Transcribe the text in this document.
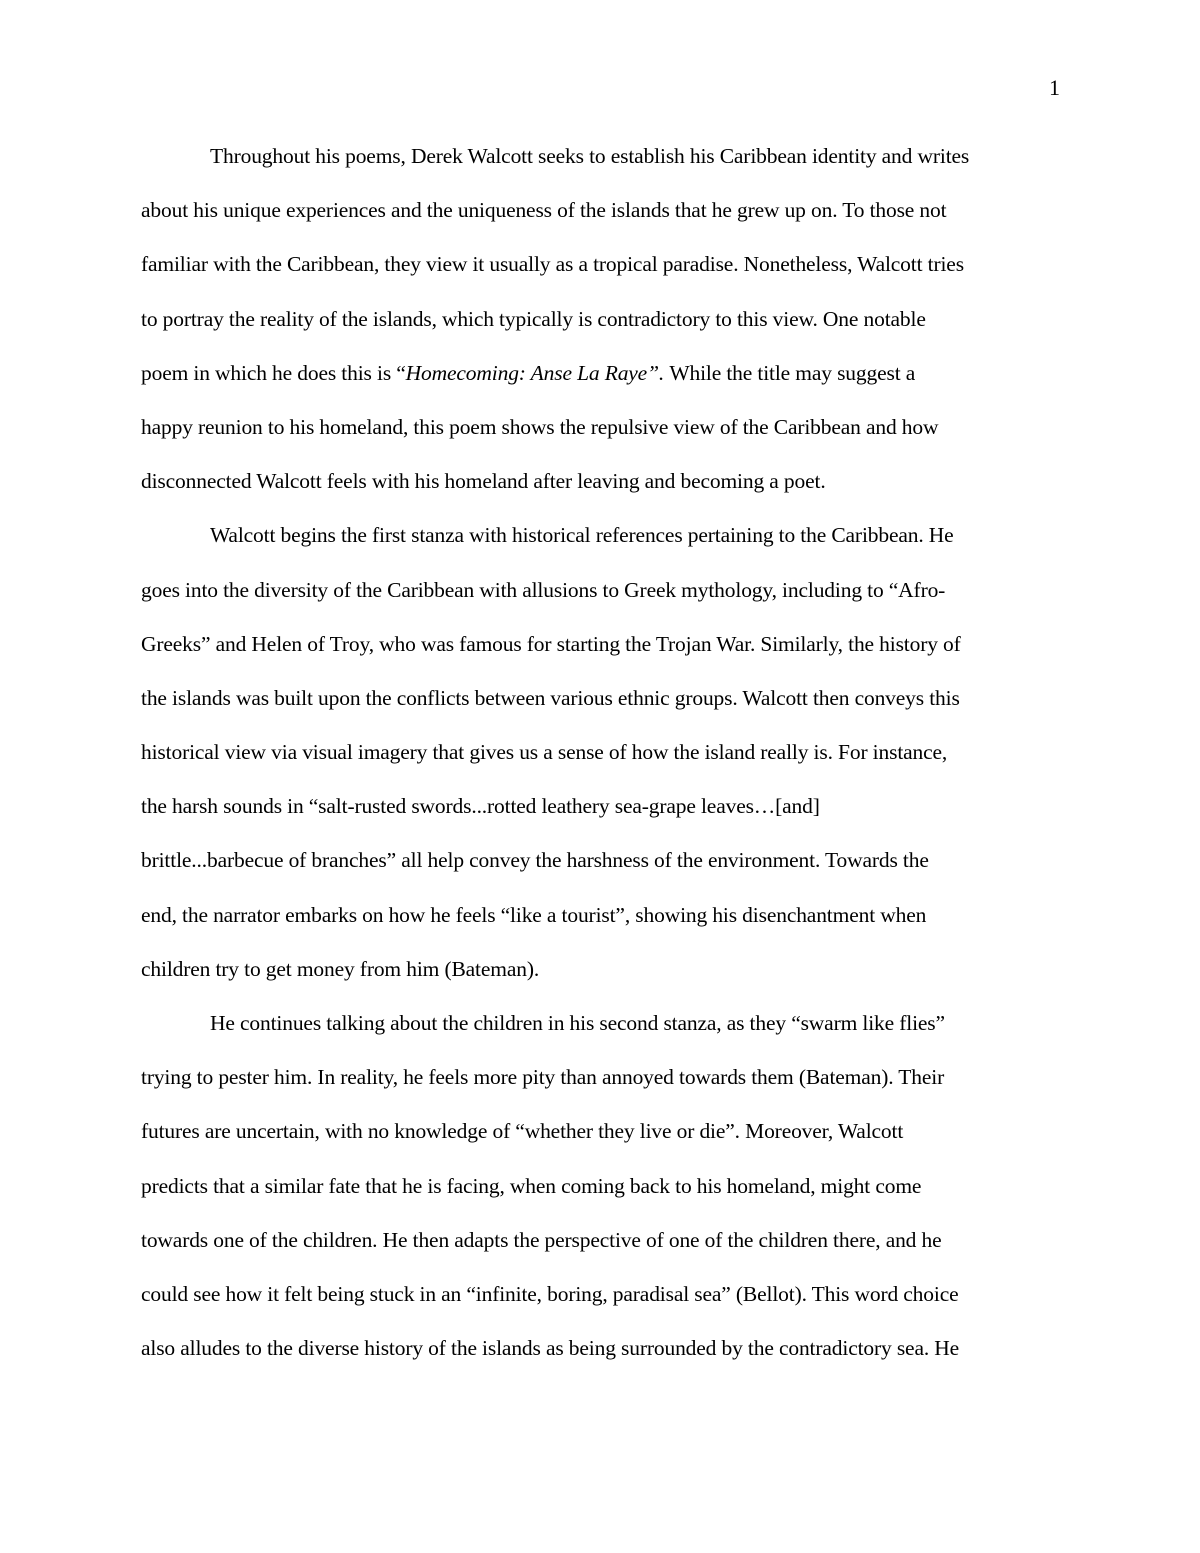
1
Throughout his poems, Derek Walcott seeks to establish his Caribbean identity and writes
about his unique experiences and the uniqueness of the islands that he grew up on. To those not
familiar with the Caribbean, they view it usually as a tropical paradise. Nonetheless, Walcott tries
to portray the reality of the islands, which typically is contradictory to this view. One notable
poem in which he does this is “Homecoming: Anse La Raye”. While the title may suggest a
happy reunion to his homeland, this poem shows the repulsive view of the Caribbean and how
disconnected Walcott feels with his homeland after leaving and becoming a poet.
Walcott begins the first stanza with historical references pertaining to the Caribbean. He
goes into the diversity of the Caribbean with allusions to Greek mythology, including to “Afro-
Greeks” and Helen of Troy, who was famous for starting the Trojan War. Similarly, the history of
the islands was built upon the conflicts between various ethnic groups. Walcott then conveys this
historical view via visual imagery that gives us a sense of how the island really is. For instance,
the harsh sounds in “salt-rusted swords...rotted leathery sea-grape leaves…[and]
brittle...barbecue of branches” all help convey the harshness of the environment. Towards the
end, the narrator embarks on how he feels “like a tourist”, showing his disenchantment when
children try to get money from him (Bateman).
He continues talking about the children in his second stanza, as they “swarm like flies”
trying to pester him. In reality, he feels more pity than annoyed towards them (Bateman). Their
futures are uncertain, with no knowledge of “whether they live or die”. Moreover, Walcott
predicts that a similar fate that he is facing, when coming back to his homeland, might come
towards one of the children. He then adapts the perspective of one of the children there, and he
could see how it felt being stuck in an “infinite, boring, paradisal sea” (Bellot). This word choice
also alludes to the diverse history of the islands as being surrounded by the contradictory sea. He
